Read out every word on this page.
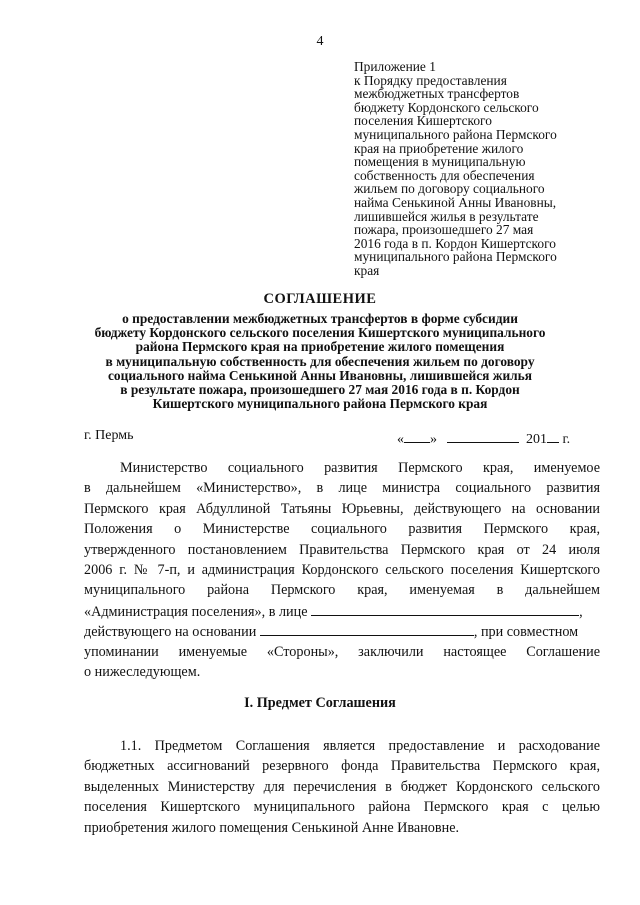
4
Приложение 1
к Порядку предоставления
межбюджетных трансфертов
бюджету Кордонского сельского
поселения Кишертского
муниципального района Пермского
края на приобретение жилого
помещения в муниципальную
собственность для обеспечения
жильем по договору социального
найма Сенькиной Анны Ивановны,
лишившейся жилья в результате
пожара, произошедшего 27 мая
2016 года в п. Кордон Кишертского
муниципального района Пермского
края
СОГЛАШЕНИЕ
о предоставлении межбюджетных трансфертов в форме субсидии
бюджету Кордонского сельского поселения Кишертского муниципального
района Пермского края на приобретение жилого помещения
в муниципальную собственность для обеспечения жильем по договору
социального найма Сенькиной Анны Ивановны, лишившейся жилья
в результате пожара, произошедшего 27 мая 2016 года в п. Кордон
Кишертского муниципального района Пермского края
г. Пермь	« »	201 г.
Министерство социального развития Пермского края, именуемое
в дальнейшем «Министерство», в лице министра социального развития
Пермского края Абдуллиной Татьяны Юрьевны, действующего на основании
Положения о Министерстве социального развития Пермского края,
утвержденного постановлением Правительства Пермского края от 24 июля
2006 г. № 7-п, и администрация Кордонского сельского поселения Кишертского
муниципального района Пермского края, именуемая в дальнейшем
«Администрация поселения», в лице	,
действующего на основании	, при совместном
упоминании именуемые «Стороны», заключили настоящее Соглашение
о нижеследующем.
I. Предмет Соглашения
1.1. Предметом Соглашения является предоставление и расходование
бюджетных ассигнований резервного фонда Правительства Пермского края,
выделенных Министерству для перечисления в бюджет Кордонского сельского
поселения Кишертского муниципального района Пермского края с целью
приобретения жилого помещения Сенькиной Анне Ивановне.
